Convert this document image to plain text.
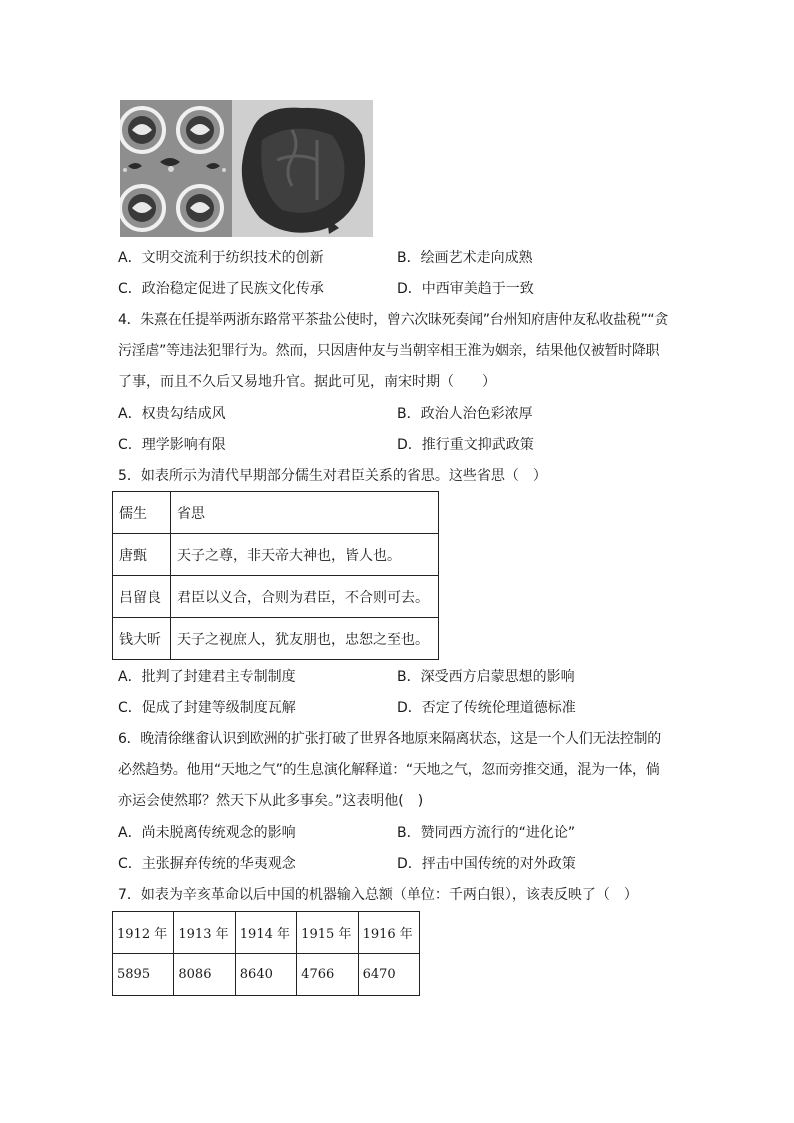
A．文明交流利于纺织技术的创新	B．绘画艺术走向成熟
C．政治稳定促进了民族文化传承	D．中西审美趋于一致
4．朱熹在任提举两浙东路常平茶盐公使时，曾六次昧死奏闻”台州知府唐仲友私收盐税”“贪
污淫虐”等违法犯罪行为。然而，只因唐仲友与当朝宰相王淮为姻亲，结果他仅被暂时降职
了事，而且不久后又易地升官。据此可见，南宋时期（　　）
A．权贵勾结成风	B．政治人治色彩浓厚
C．理学影响有限	D．推行重文抑武政策
5．如表所示为清代早期部分儒生对君臣关系的省思。这些省思（　）
儒生	省思
唐甄	天子之尊，非天帝大神也，皆人也。
吕留良	君臣以义合，合则为君臣，不合则可去。
钱大昕	天子之视庶人，犹友朋也，忠恕之至也。
A．批判了封建君主专制制度	B．深受西方启蒙思想的影响
C．促成了封建等级制度瓦解	D．否定了传统伦理道德标准
6．晚清徐继畬认识到欧洲的扩张打破了世界各地原来隔离状态，这是一个人们无法控制的
必然趋势。他用“天地之气”的生息演化解释道：“天地之气，忽而旁推交通，混为一体，倘
亦运会使然耶？然天下从此多事矣。”这表明他(　)
A．尚未脱离传统观念的影响	B．赞同西方流行的“进化论”
C．主张摒弃传统的华夷观念	D．抨击中国传统的对外政策
7．如表为辛亥革命以后中国的机器输入总额（单位：千两白银），该表反映了（　）
1912 年	1913 年	1914 年	1915 年	1916 年
5895	8086	8640	4766	6470
